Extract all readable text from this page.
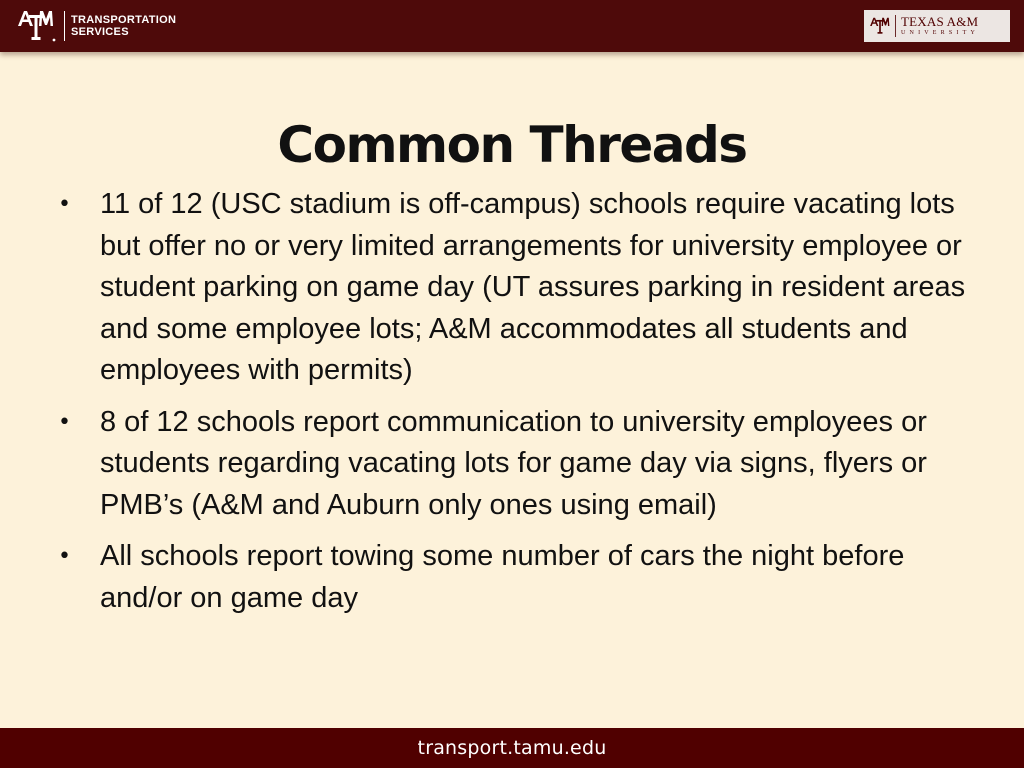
TRANSPORTATION
SERVICES
TEXAS A&M
UNIVERSITY
Common Threads
•	11 of 12 (USC stadium is off-campus) schools require vacating lots but offer no or very limited arrangements for university employee or student parking on game day (UT assures parking in resident areas and some employee lots; A&M accommodates all students and employees with permits)
•	8 of 12 schools report communication to university employees or students regarding vacating lots for game day via signs, flyers or PMB’s (A&M and Auburn only ones using email)
•	All schools report towing some number of cars the night before and/or on game day
transport.tamu.edu
